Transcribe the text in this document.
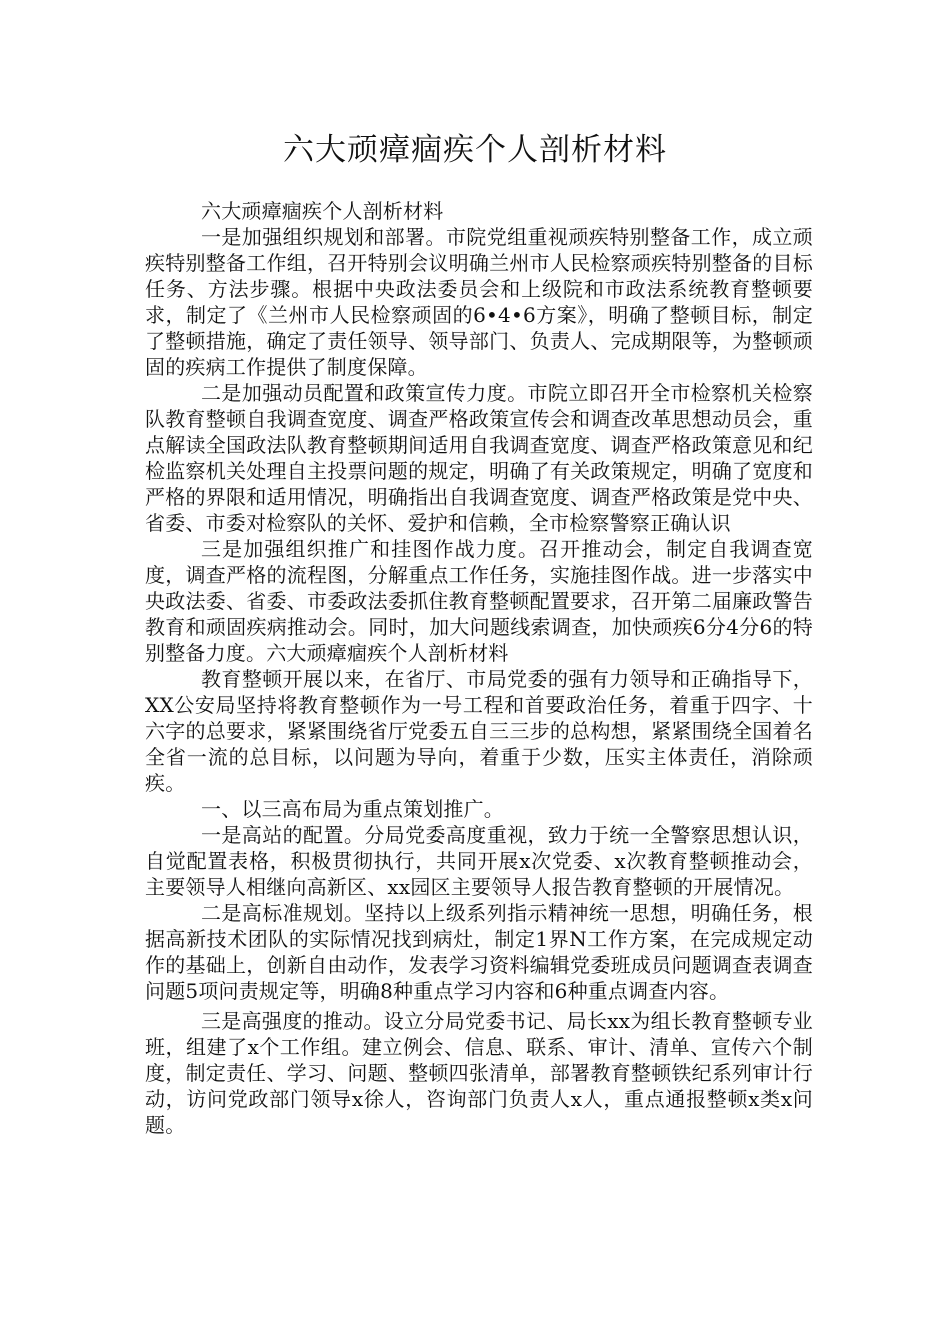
六大顽瘴痼疾个人剖析材料

六大顽瘴痼疾个人剖析材料

一是加强组织规划和部署。市院党组重视顽疾特别整备工作，成立顽疾特别整备工作组，召开特别会议明确兰州市人民检察顽疾特别整备的目标任务、方法步骤。根据中央政法委员会和上级院和市政法系统教育整顿要求，制定了《兰州市人民检察顽固的6•4•6方案》，明确了整顿目标，制定了整顿措施，确定了责任领导、领导部门、负责人、完成期限等，为整顿顽固的疾病工作提供了制度保障。

二是加强动员配置和政策宣传力度。市院立即召开全市检察机关检察队教育整顿自我调查宽度、调查严格政策宣传会和调查改革思想动员会，重点解读全国政法队教育整顿期间适用自我调查宽度、调查严格政策意见和纪检监察机关处理自主投票问题的规定，明确了有关政策规定，明确了宽度和严格的界限和适用情况，明确指出自我调查宽度、调查严格政策是党中央、省委、市委对检察队的关怀、爱护和信赖，全市检察警察正确认识

三是加强组织推广和挂图作战力度。召开推动会，制定自我调查宽度，调查严格的流程图，分解重点工作任务，实施挂图作战。进一步落实中央政法委、省委、市委政法委抓住教育整顿配置要求，召开第二届廉政警告教育和顽固疾病推动会。同时，加大问题线索调查，加快顽疾6分4分6的特别整备力度。六大顽瘴痼疾个人剖析材料

教育整顿开展以来，在省厅、市局党委的强有力领导和正确指导下，XX公安局坚持将教育整顿作为一号工程和首要政治任务，着重于四字、十六字的总要求，紧紧围绕省厅党委五自三三步的总构想，紧紧围绕全国着名全省一流的总目标，以问题为导向，着重于少数，压实主体责任，消除顽疾。

一、以三高布局为重点策划推广。

一是高站的配置。分局党委高度重视，致力于统一全警察思想认识，自觉配置表格，积极贯彻执行，共同开展x次党委、x次教育整顿推动会，主要领导人相继向高新区、xx园区主要领导人报告教育整顿的开展情况。

二是高标准规划。坚持以上级系列指示精神统一思想，明确任务，根据高新技术团队的实际情况找到病灶，制定1界N工作方案，在完成规定动作的基础上，创新自由动作，发表学习资料编辑党委班成员问题调查表调查问题5项问责规定等，明确8种重点学习内容和6种重点调查内容。

三是高强度的推动。设立分局党委书记、局长xx为组长教育整顿专业班，组建了x个工作组。建立例会、信息、联系、审计、清单、宣传六个制度，制定责任、学习、问题、整顿四张清单，部署教育整顿铁纪系列审计行动，访问党政部门领导x徐人，咨询部门负责人x人，重点通报整顿x类x问题。
